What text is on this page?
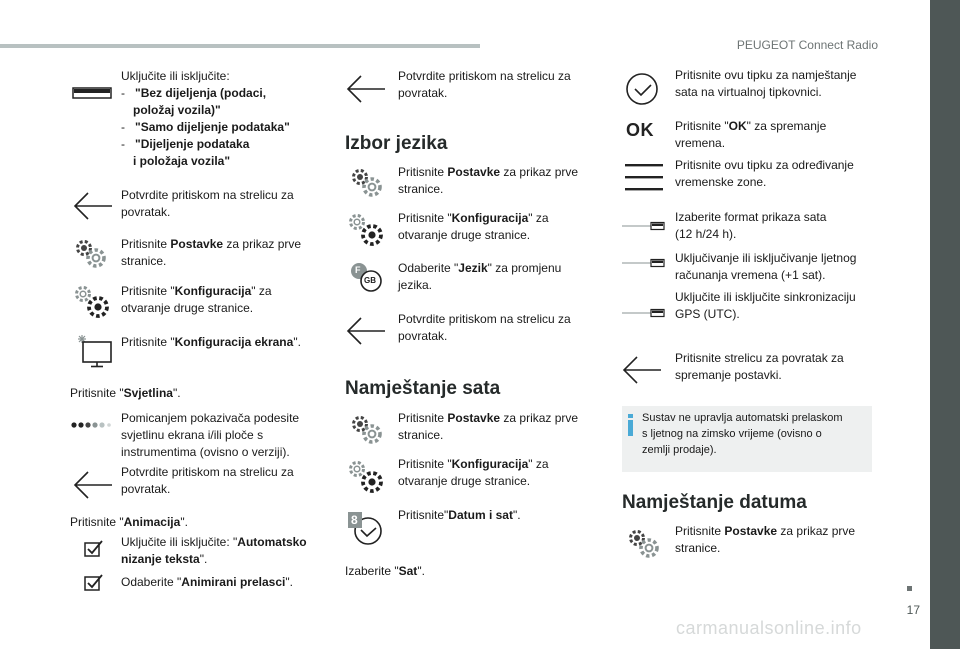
PEUGEOT Connect Radio
17
carmanualsonline.info
Uključite ili isključite:
-   "Bez dijeljenja (podaci,
položaj vozila)"
-   "Samo dijeljenje podataka"
-   "Dijeljenje podataka
i položaja vozila"
Potvrdite pritiskom na strelicu za
povratak.
Pritisnite Postavke za prikaz prve
stranice.
Pritisnite "Konfiguracija" za
otvaranje druge stranice.
Pritisnite "Konfiguracija ekrana".
Pritisnite "Svjetlina".
Pomicanjem pokazivača podesite
svjetlinu ekrana i/ili ploče s
instrumentima (ovisno o verziji).
Potvrdite pritiskom na strelicu za
povratak.
Pritisnite "Animacija".
Uključite ili isključite: "Automatsko
nizanje teksta".
Odaberite "Animirani prelasci".
Potvrdite pritiskom na strelicu za
povratak.
Izbor jezika
Pritisnite Postavke za prikaz prve
stranice.
Pritisnite "Konfiguracija" za
otvaranje druge stranice.
F
GB
Odaberite "Jezik" za promjenu
jezika.
Potvrdite pritiskom na strelicu za
povratak.
Namještanje sata
Pritisnite Postavke za prikaz prve
stranice.
Pritisnite "Konfiguracija" za
otvaranje druge stranice.
8	Pritisnite"Datum i sat".
Izaberite "Sat".
Pritisnite ovu tipku za namještanje
sata na virtualnoj tipkovnici.
OK Pritisnite "OK" za spremanje
vremena.
Pritisnite ovu tipku za određivanje
vremenske zone.
Izaberite format prikaza sata
(12 h/24 h).
Uključivanje ili isključivanje ljetnog
računanja vremena (+1 sat).
Uključite ili isključite sinkronizaciju
GPS (UTC).
Pritisnite strelicu za povratak za
spremanje postavki.
Sustav ne upravlja automatski prelaskom
s ljetnog na zimsko vrijeme (ovisno o
zemlji prodaje).
Namještanje datuma
Pritisnite Postavke za prikaz prve
stranice.
